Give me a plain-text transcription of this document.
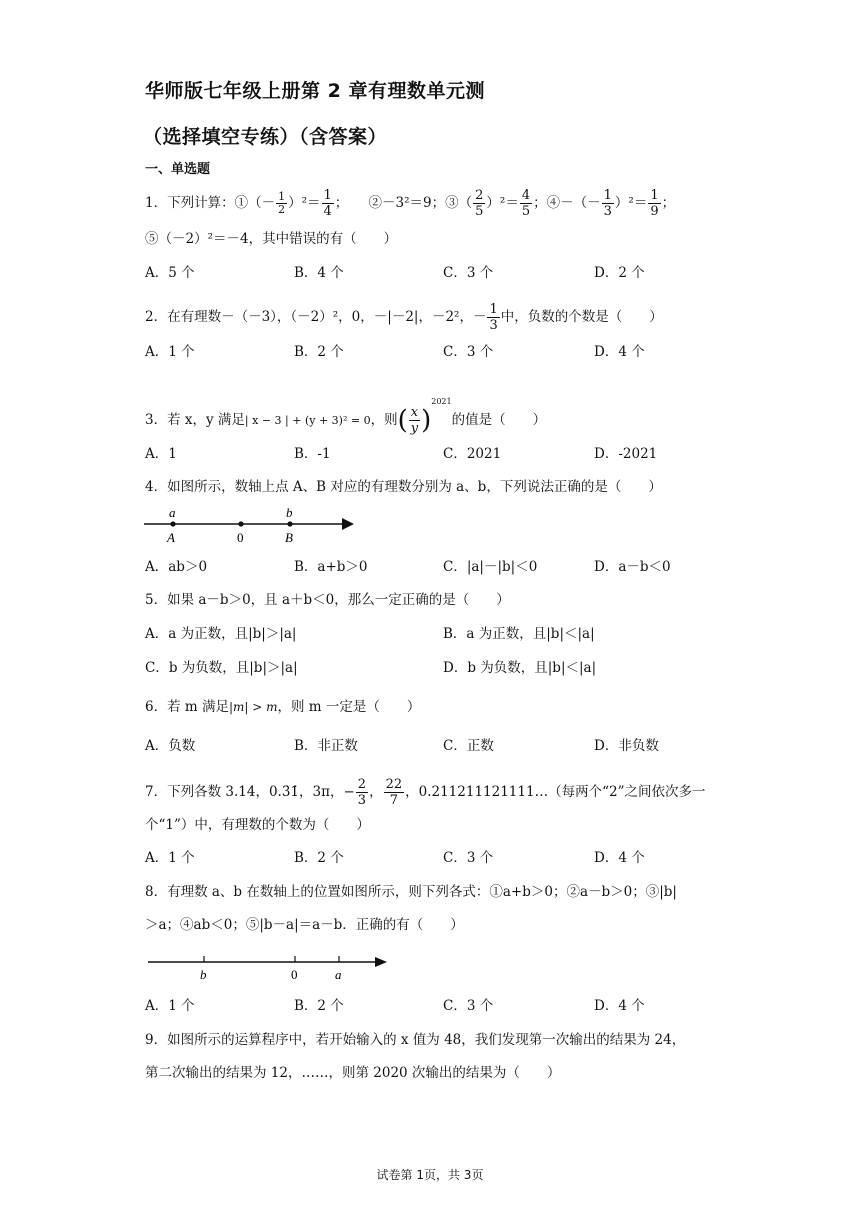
华师版七年级上册第 2 章有理数单元测
（选择填空专练）（含答案）
一、单选题
1．下列计算：①（－ $\frac{1}{2} )^2= \frac{1}{4}$ ；　　②－3²＝9；③（ $\frac{2}{5} )^2= \frac{4}{5}$ ；④－（－ $\frac{1}{3} )^2= \frac{1}{9}$ ；
⑤（－2）²＝－4，其中错误的有（　　）
A．5 个	B．4 个	C．3 个	D．2 个
2．在有理数－（－3），（－2）²，0，－|－2|，－2²，－ $\frac{1}{3}$ 中，负数的个数是（　　）
A．1 个	B．2 个	C．3 个	D．4 个
3．若 x，y 满足| x − 3 | + (y + 3)² = 0，则( $\frac{x}{y} )^{2021}$的值是（　　）
A．1	B．-1	C．2021	D．-2021
4．如图所示，数轴上点 A、B 对应的有理数分别为 a、b，下列说法正确的是（　　）
a	b
A	0	B
A．ab＞0	B．a+b＞0	C．|a|－|b|＜0	D．a－b＜0
5．如果 a－b＞0，且 a＋b＜0，那么一定正确的是（　　）
A．a 为正数，且|b|＞|a|	B．a 为正数，且|b|＜|a|
C．b 为负数，且|b|＞|a|	D．b 为负数，且|b|＜|a|
6．若 m 满足|m| > m，则 m 一定是（　　）
A．负数	B．非正数	C．正数	D．非负数
7．下列各数 3.14，0.3̇1̇，3π，− $\frac{2}{3}$ ， $\frac{22}{7}$ ，0.211211121111…（每两个“2”之间依次多一
个“1”）中，有理数的个数为（　　）
A．1 个	B．2 个	C．3 个	D．4 个
8．有理数 a、b 在数轴上的位置如图所示，则下列各式：①a+b＞0；②a－b＞0；③|b|
＞a；④ab＜0；⑤|b－a|＝a－b．正确的有（　　）
b	0	a
A．1 个	B．2 个	C．3 个	D．4 个
9．如图所示的运算程序中，若开始输入的 x 值为 48，我们发现第一次输出的结果为 24，
第二次输出的结果为 12，……，则第 2020 次输出的结果为（　　）
试卷第 1页，共 3页
